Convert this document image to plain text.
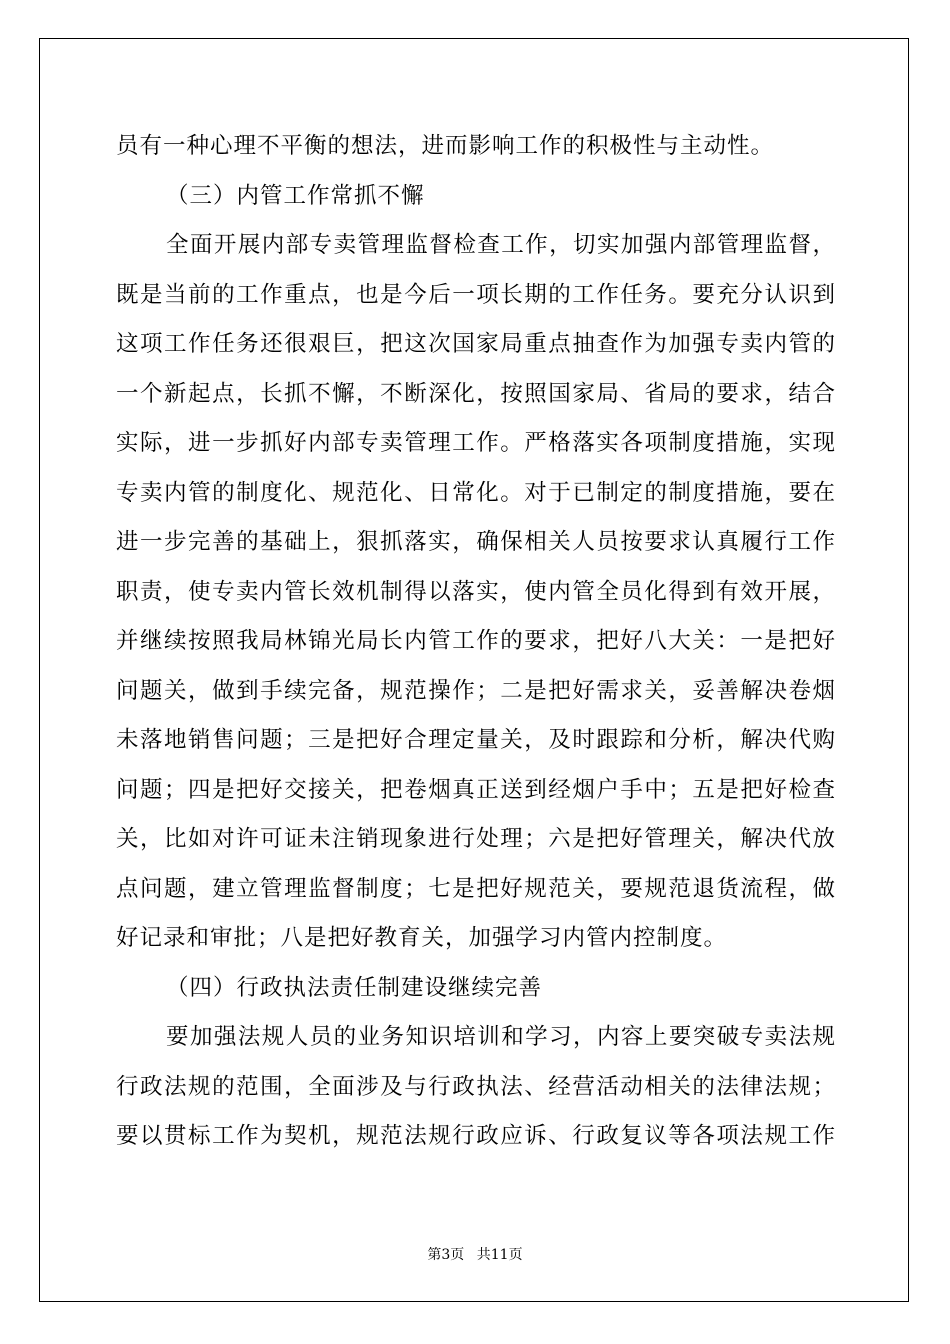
员有一种心理不平衡的想法，进而影响工作的积极性与主动性。
（三）内管工作常抓不懈
全面开展内部专卖管理监督检查工作，切实加强内部管理监督，
既是当前的工作重点，也是今后一项长期的工作任务。要充分认识到
这项工作任务还很艰巨，把这次国家局重点抽查作为加强专卖内管的
一个新起点，长抓不懈，不断深化，按照国家局、省局的要求，结合
实际，进一步抓好内部专卖管理工作。严格落实各项制度措施，实现
专卖内管的制度化、规范化、日常化。对于已制定的制度措施，要在
进一步完善的基础上，狠抓落实，确保相关人员按要求认真履行工作
职责，使专卖内管长效机制得以落实，使内管全员化得到有效开展，
并继续按照我局林锦光局长内管工作的要求，把好八大关：一是把好
问题关，做到手续完备，规范操作；二是把好需求关，妥善解决卷烟
未落地销售问题；三是把好合理定量关，及时跟踪和分析，解决代购
问题；四是把好交接关，把卷烟真正送到经烟户手中；五是把好检查
关，比如对许可证未注销现象进行处理；六是把好管理关，解决代放
点问题，建立管理监督制度；七是把好规范关，要规范退货流程，做
好记录和审批；八是把好教育关，加强学习内管内控制度。
（四）行政执法责任制建设继续完善
要加强法规人员的业务知识培训和学习，内容上要突破专卖法规
行政法规的范围，全面涉及与行政执法、经营活动相关的法律法规；
要以贯标工作为契机，规范法规行政应诉、行政复议等各项法规工作
第3页 共11页
